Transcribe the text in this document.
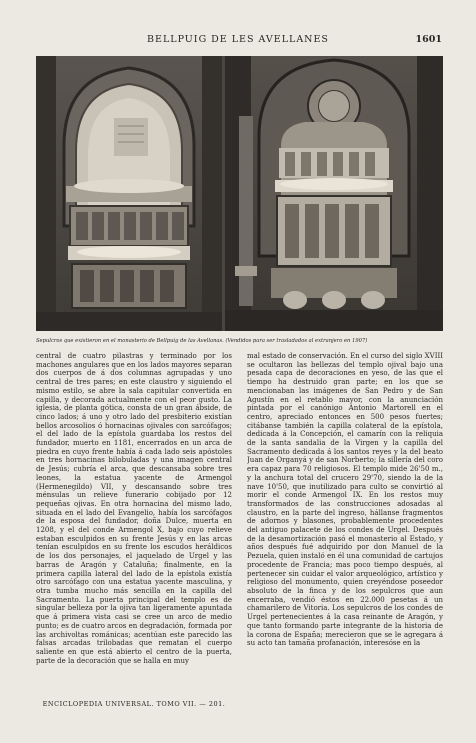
BELLPUIG DE LES AVELLANES	1601
Sepulcros que existieron en el monasterio de Bellpuig de las Avellanas. (Vendidos para ser trasladados al extranjero en 1907)
central de cuatro pilastras y terminado por los machones angulares que en los lados mayores separan dos cuerpos de á dos columnas agrupadas y uno central de tres pares; en este claustro y siguiendo el mismo estilo, se abre la sala capitular convertida en capilla, y decorada actualmente con el peor gusto. La iglesia, de planta gótica, consta de un gran ábside, de cinco lados; á uno y otro lado del presbiterio existían bellos arcosolios ó hornacinas ojivales con sarcófagos; el del lado de la epístola guardaba los restos del fundador, muerto en 1181, encerrados en un arca de piedra en cuyo frente había á cada lado seis apóstoles en tres hornacinas bilobuladas y una imagen central de Jesús; cubría el arca, que descansaba sobre tres leones, la estatua yacente de Armengol (Hermenegildo) VII, y descansando sobre tres ménsulas un relieve funerario cobijado por 12 pequeñas ojivas. En otra hornacina del mismo lado, situada en el lado del Evangelio, había los sarcófagos de la esposa del fundador, doña Dulce, muerta en 1208, y el del conde Armengol X, bajo cuyo relieve estaban esculpidos en su frente Jesús y en las arcas tenían esculpidos en su frente los escudos heráldicos de los dos personajes, el jaquelado de Urgel y las barras de Aragón y Cataluña; finalmente, en la primera capilla lateral del lado de la epístola existía otro sarcófago con una estatua yacente masculina, y otra tumba mucho más sencilla en la capilla del Sacramento. La puerta principal del templo es de singular belleza por la ojiva tan ligeramente apuntada que á primera vista casi se cree un arco de medio punto; es de cuatro arcos en degradación, formada por las archivoltas románicas; acentúan este parecido las falsas arcadas trilobadas que rematan el cuerpo saliente en que está abierto el centro de la puerta, parte de la decoración que se halla en muy
mal estado de conservación. En el curso del siglo XVIII se ocultaron las bellezas del templo ojival bajo una pesada capa de decoraciones en yeso, de las que el tiempo ha destruido gran parte; en los que se mencionaban las imágenes de San Pedro y de San Agustín en el retablo mayor, con la anunciación pintada por el canónigo Antonio Martorell en el centro, apreciado entonces en 500 pesos fuertes; citábanse también la capilla colateral de la epístola, dedicada á la Concepción, el camarín con la reliquia de la santa sandalia de la Virgen y la capilla del Sacramento dedicada á los santos reyes y la del beato Juan de Organyá y de san Norberto; la sillería del coro era capaz para 70 religiosos. El templo mide 26'50 m., y la anchura total del crucero 29'70, siendo la de la nave 10'50, que inutilizado para culto se convirtió al morir el conde Armengol IX. En los restos muy transformados de las construcciones adosadas al claustro, en la parte del ingreso, hállanse fragmentos de adornos y blasones, probablemente procedentes del antiguo palacete de los condes de Urgel. Después de la desamortización pasó el monasterio al Estado, y años después fué adquirido por don Manuel de la Pezuela, quien instaló en él una comunidad de cartujos procedente de Francia; mas poco tiempo después, al pertenecer sin cuidar el valor arqueológico, artístico y religioso del monumento, quien creyéndose poseedor absoluto de la finca y de los sepulcros que aun encerraba, vendió éstos en 22.000 pesetas á un chamarilero de Vitoria. Los sepulcros de los condes de Urgel pertenecientes á la casa reinante de Aragón, y que tanto formando parte integrante de la historia de la corona de España; merecieron que se le agregara á su acto tan tamaña profanación, interesóse en la
ENCICLOPEDIA UNIVERSAL. TOMO VII. — 201.
